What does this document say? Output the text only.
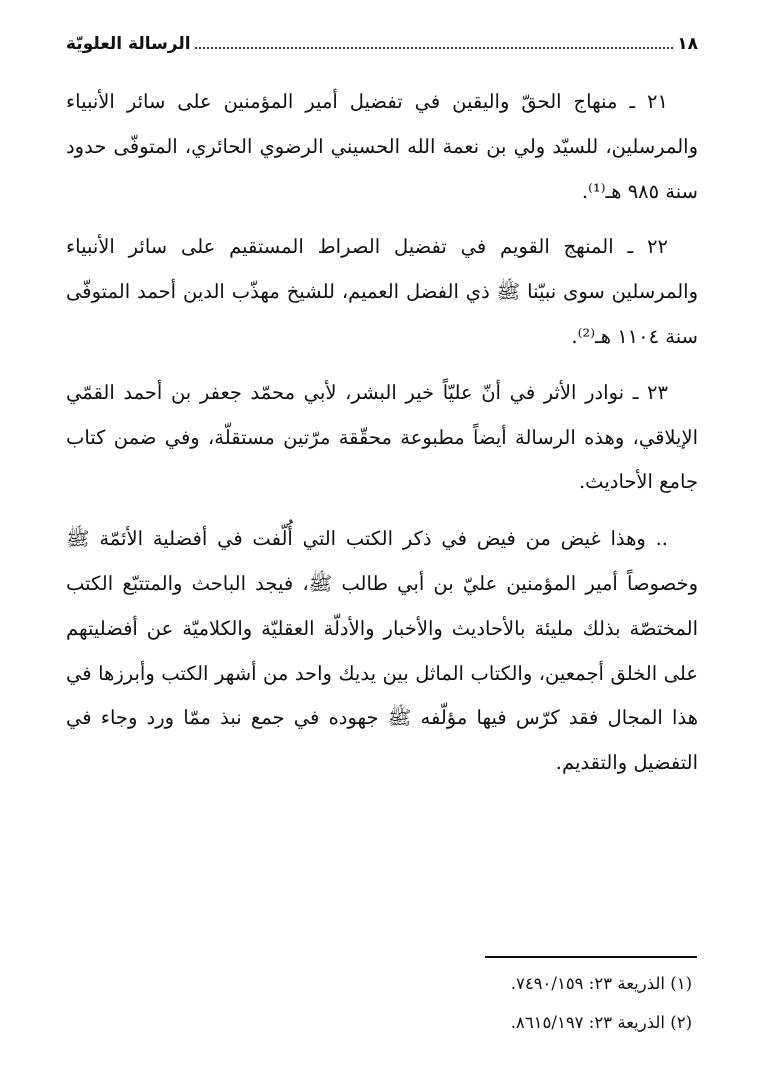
١٨
الرسالة العلويّة

٢١ ـ منهاج الحقّ واليقين في تفضيل أمير المؤمنين على سائر الأنبياء والمرسلين، للسيّد ولي بن نعمة الله الحسيني الرضوي الحائري، المتوفّى حدود سنة ٩٨٥ هـ⁽¹⁾.

٢٢ ـ المنهج القويم في تفضيل الصراط المستقيم على سائر الأنبياء والمرسلين سوى نبيّنا ﷺ ذي الفضل العميم، للشيخ مهذّب الدين أحمد المتوفّى سنة ١١٠٤ هـ⁽²⁾.

٢٣ ـ نوادر الأثر في أنّ عليّاً خير البشر، لأبي محمّد جعفر بن أحمد القمّي الإيلاقي، وهذه الرسالة أيضاً مطبوعة محقّقة مرّتين مستقلّة، وفي ضمن كتاب جامع الأحاديث.

.. وهذا غيض من فيض في ذكر الكتب التي أُلّفت في أفضلية الأئمّة ﷺ وخصوصاً أمير المؤمنين عليّ بن أبي طالب ﷺ، فيجد الباحث والمتتبّع الكتب المختصّة بذلك مليئة بالأحاديث والأخبار والأدلّة العقليّة والكلاميّة عن أفضليتهم على الخلق أجمعين، والكتاب الماثل بين يديك واحد من أشهر الكتب وأبرزها في هذا المجال فقد كرّس فيها مؤلّفه ﷺ جهوده في جمع نبذ ممّا ورد وجاء في التفضيل والتقديم.

(١) الذريعة ٢٣: ٧٤٩٠/١٥٩.

(٢) الذريعة ٢٣: ٨٦١٥/١٩٧.
